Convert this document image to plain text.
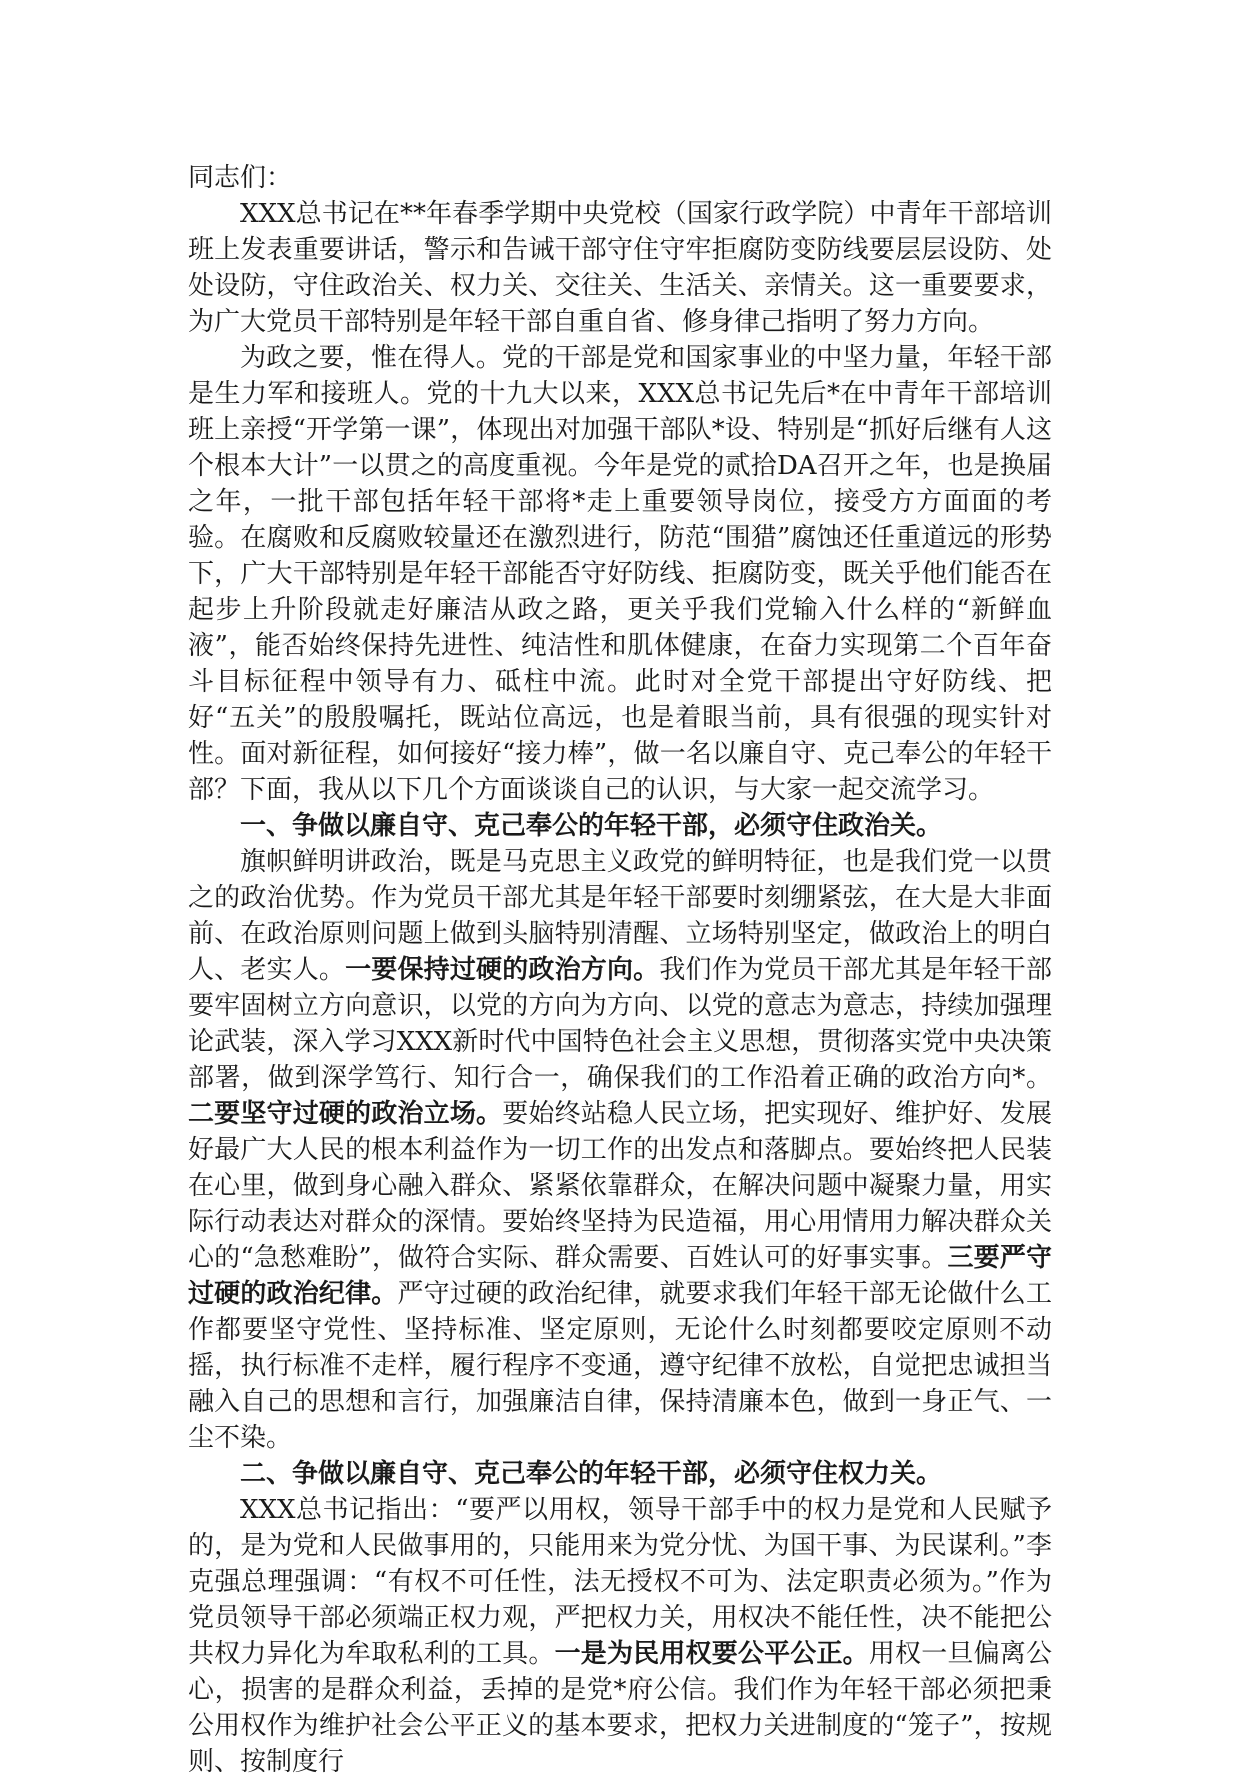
同志们：

XXX总书记在**年春季学期中央党校（国家行政学院）中青年干部培训班上发表重要讲话，警示和告诫干部守住守牢拒腐防变防线要层层设防、处处设防，守住政治关、权力关、交往关、生活关、亲情关。这一重要要求，为广大党员干部特别是年轻干部自重自省、修身律己指明了努力方向。

为政之要，惟在得人。党的干部是党和国家事业的中坚力量，年轻干部是生力军和接班人。党的十九大以来，XXX总书记先后*在中青年干部培训班上亲授“开学第一课”，体现出对加强干部队*设、特别是“抓好后继有人这个根本大计”一以贯之的高度重视。今年是党的贰拾DA召开之年，也是换届之年，一批干部包括年轻干部将*走上重要领导岗位，接受方方面面的考验。在腐败和反腐败较量还在激烈进行，防范“围猎”腐蚀还任重道远的形势下，广大干部特别是年轻干部能否守好防线、拒腐防变，既关乎他们能否在起步上升阶段就走好廉洁从政之路，更关乎我们党输入什么样的“新鲜血液”，能否始终保持先进性、纯洁性和肌体健康，在奋力实现第二个百年奋斗目标征程中领导有力、砥柱中流。此时对全党干部提出守好防线、把好“五关”的殷殷嘱托，既站位高远，也是着眼当前，具有很强的现实针对性。面对新征程，如何接好“接力棒”，做一名以廉自守、克己奉公的年轻干部？下面，我从以下几个方面谈谈自己的认识，与大家一起交流学习。

一、争做以廉自守、克己奉公的年轻干部，必须守住政治关。

旗帜鲜明讲政治，既是马克思主义政党的鲜明特征，也是我们党一以贯之的政治优势。作为党员干部尤其是年轻干部要时刻绷紧弦，在大是大非面前、在政治原则问题上做到头脑特别清醒、立场特别坚定，做政治上的明白人、老实人。一要保持过硬的政治方向。我们作为党员干部尤其是年轻干部要牢固树立方向意识，以党的方向为方向、以党的意志为意志，持续加强理论武装，深入学习XXX新时代中国特色社会主义思想，贯彻落实党中央决策部署，做到深学笃行、知行合一，确保我们的工作沿着正确的政治方向*。二要坚守过硬的政治立场。要始终站稳人民立场，把实现好、维护好、发展好最广大人民的根本利益作为一切工作的出发点和落脚点。要始终把人民装在心里，做到身心融入群众、紧紧依靠群众，在解决问题中凝聚力量，用实际行动表达对群众的深情。要始终坚持为民造福，用心用情用力解决群众关心的“急愁难盼”，做符合实际、群众需要、百姓认可的好事实事。三要严守过硬的政治纪律。严守过硬的政治纪律，就要求我们年轻干部无论做什么工作都要坚守党性、坚持标准、坚定原则，无论什么时刻都要咬定原则不动摇，执行标准不走样，履行程序不变通，遵守纪律不放松，自觉把忠诚担当融入自己的思想和言行，加强廉洁自律，保持清廉本色，做到一身正气、一尘不染。

二、争做以廉自守、克己奉公的年轻干部，必须守住权力关。

XXX总书记指出：“要严以用权，领导干部手中的权力是党和人民赋予的，是为党和人民做事用的，只能用来为党分忧、为国干事、为民谋利。”李克强总理强调：“有权不可任性，法无授权不可为、法定职责必须为。”作为党员领导干部必须端正权力观，严把权力关，用权决不能任性，决不能把公共权力异化为牟取私利的工具。一是为民用权要公平公正。用权一旦偏离公心，损害的是群众利益，丢掉的是党*府公信。我们作为年轻干部必须把秉公用权作为维护社会公平正义的基本要求，把权力关进制度的“笼子”，按规则、按制度行
